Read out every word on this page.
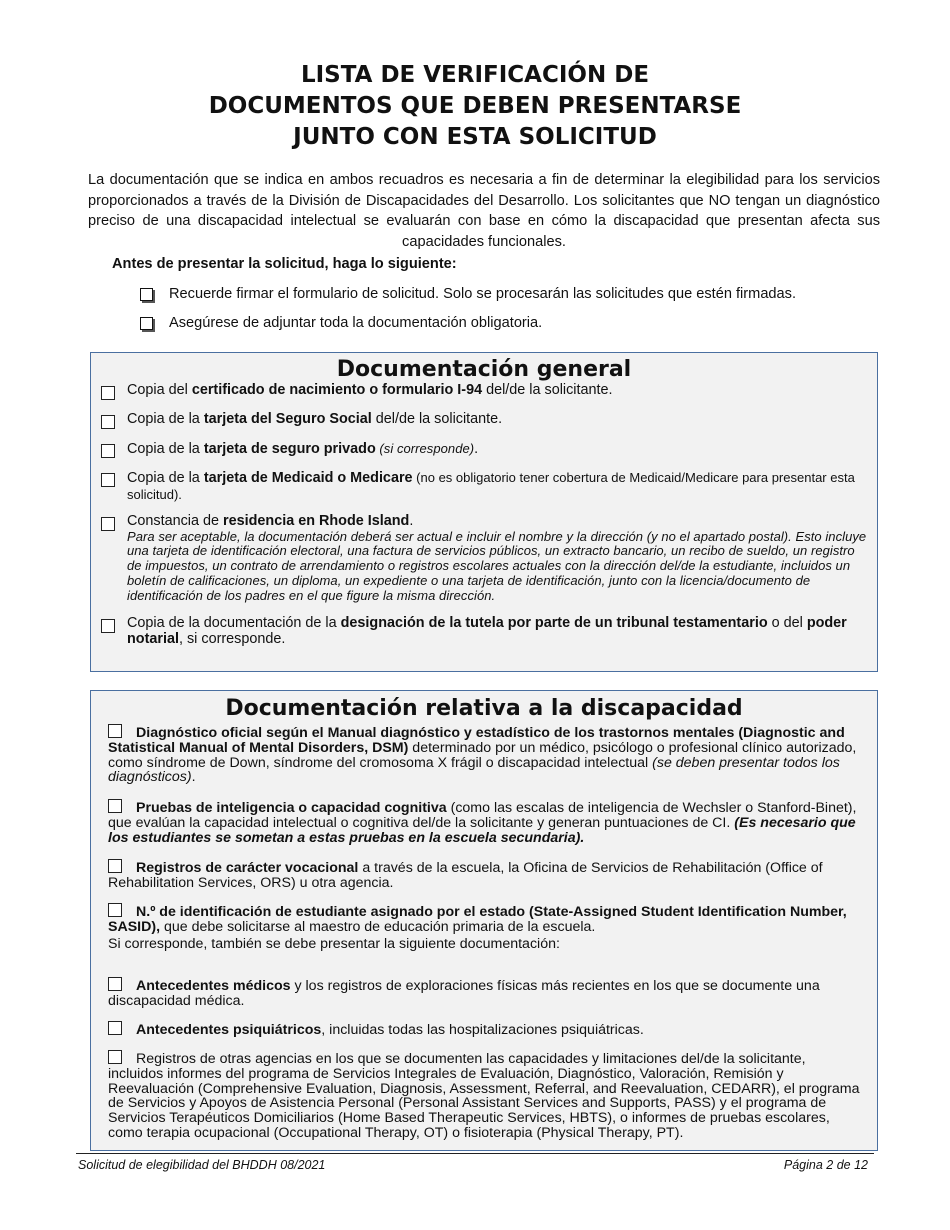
LISTA DE VERIFICACIÓN DE
DOCUMENTOS QUE DEBEN PRESENTARSE
JUNTO CON ESTA SOLICITUD
La documentación que se indica en ambos recuadros es necesaria a fin de determinar la elegibilidad para los servicios proporcionados a través de la División de Discapacidades del Desarrollo. Los solicitantes que NO tengan un diagnóstico preciso de una discapacidad intelectual se evaluarán con base en cómo la discapacidad que presentan afecta sus capacidades funcionales.
Antes de presentar la solicitud, haga lo siguiente:
Recuerde firmar el formulario de solicitud. Solo se procesarán las solicitudes que estén firmadas.
Asegúrese de adjuntar toda la documentación obligatoria.
Documentación general
Copia del certificado de nacimiento o formulario I-94 del/de la solicitante.
Copia de la tarjeta del Seguro Social del/de la solicitante.
Copia de la tarjeta de seguro privado (si corresponde).
Copia de la tarjeta de Medicaid o Medicare (no es obligatorio tener cobertura de Medicaid/Medicare para presentar esta solicitud).
Constancia de residencia en Rhode Island.
Para ser aceptable, la documentación deberá ser actual e incluir el nombre y la dirección (y no el apartado postal). Esto incluye una tarjeta de identificación electoral, una factura de servicios públicos, un extracto bancario, un recibo de sueldo, un registro de impuestos, un contrato de arrendamiento o registros escolares actuales con la dirección del/de la estudiante, incluidos un boletín de calificaciones, un diploma, un expediente o una tarjeta de identificación, junto con la licencia/documento de identificación de los padres en el que figure la misma dirección.
Copia de la documentación de la designación de la tutela por parte de un tribunal testamentario o del poder notarial, si corresponde.
Documentación relativa a la discapacidad
Diagnóstico oficial según el Manual diagnóstico y estadístico de los trastornos mentales (Diagnostic and Statistical Manual of Mental Disorders, DSM) determinado por un médico, psicólogo o profesional clínico autorizado, como síndrome de Down, síndrome del cromosoma X frágil o discapacidad intelectual (se deben presentar todos los diagnósticos).
Pruebas de inteligencia o capacidad cognitiva (como las escalas de inteligencia de Wechsler o Stanford-Binet), que evalúan la capacidad intelectual o cognitiva del/de la solicitante y generan puntuaciones de CI. (Es necesario que los estudiantes se sometan a estas pruebas en la escuela secundaria).
Registros de carácter vocacional a través de la escuela, la Oficina de Servicios de Rehabilitación (Office of Rehabilitation Services, ORS) u otra agencia.
N.º de identificación de estudiante asignado por el estado (State-Assigned Student Identification Number, SASID), que debe solicitarse al maestro de educación primaria de la escuela.
Si corresponde, también se debe presentar la siguiente documentación:
Antecedentes médicos y los registros de exploraciones físicas más recientes en los que se documente una discapacidad médica.
Antecedentes psiquiátricos, incluidas todas las hospitalizaciones psiquiátricas.
Registros de otras agencias en los que se documenten las capacidades y limitaciones del/de la solicitante, incluidos informes del programa de Servicios Integrales de Evaluación, Diagnóstico, Valoración, Remisión y Reevaluación (Comprehensive Evaluation, Diagnosis, Assessment, Referral, and Reevaluation, CEDARR), el programa de Servicios y Apoyos de Asistencia Personal (Personal Assistant Services and Supports, PASS) y el programa de Servicios Terapéuticos Domiciliarios (Home Based Therapeutic Services, HBTS), o informes de pruebas escolares, como terapia ocupacional (Occupational Therapy, OT) o fisioterapia (Physical Therapy, PT).
Solicitud de elegibilidad del BHDDH 08/2021	Página 2 de 12
